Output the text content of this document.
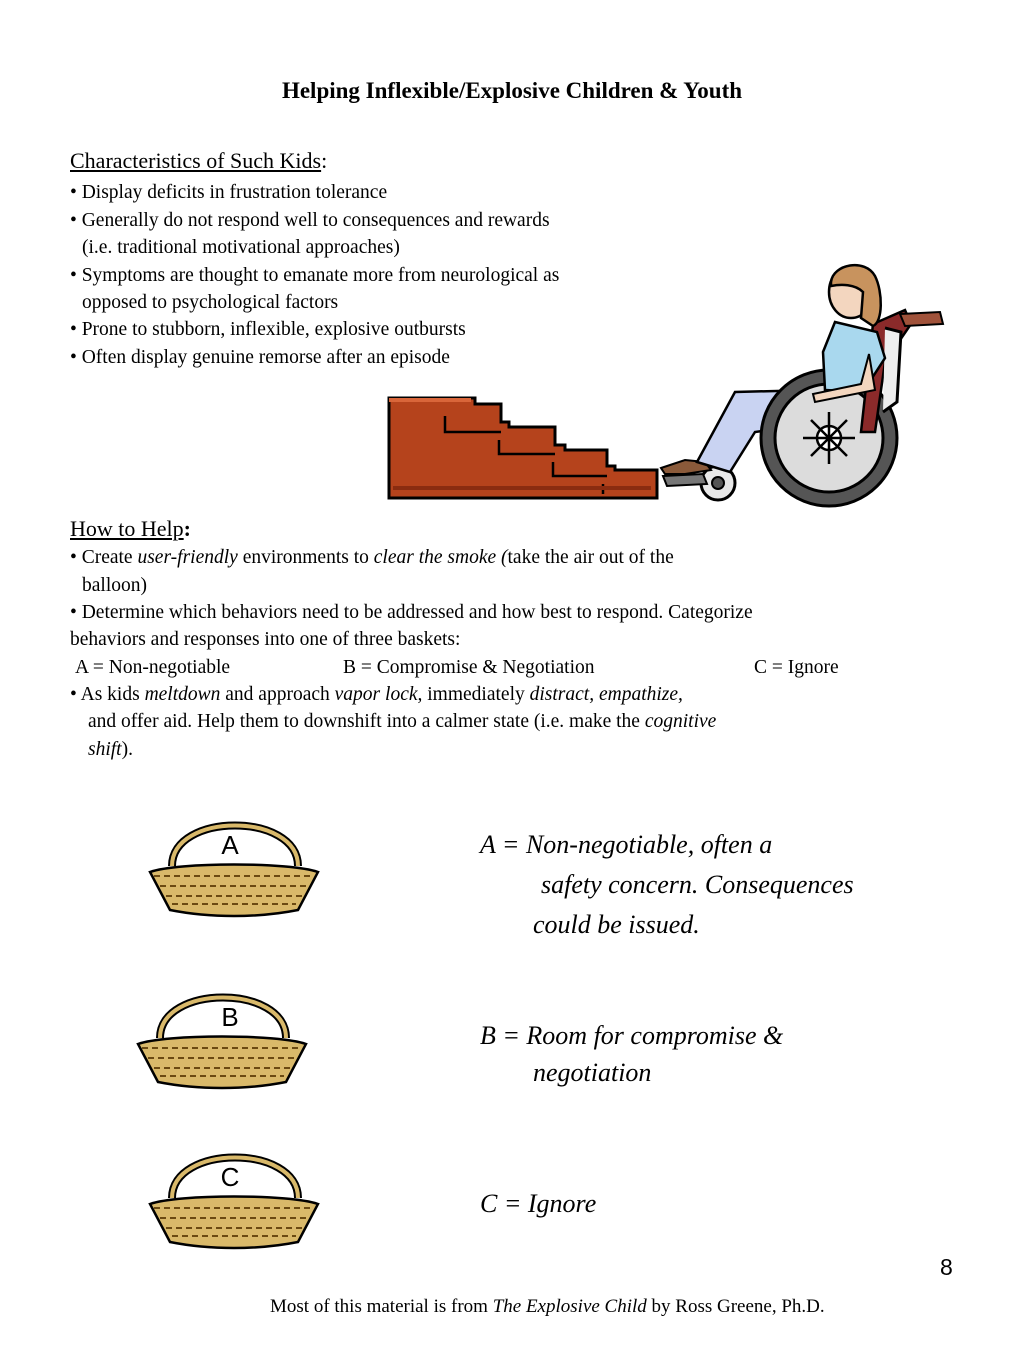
Helping Inflexible/Explosive Children & Youth
Characteristics of Such Kids:
• Display deficits in frustration tolerance
• Generally do not respond well to consequences and rewards
(i.e. traditional motivational approaches)
• Symptoms are thought to emanate more from neurological as
opposed to psychological factors
• Prone to stubborn, inflexible, explosive outbursts
• Often display genuine remorse after an episode
How to Help:
• Create user-friendly environments to clear the smoke (take the air out of the
balloon)
• Determine which behaviors need to be addressed and how best to respond. Categorize
behaviors and responses into one of three baskets:
A = Non-negotiable	B = Compromise & Negotiation	C = Ignore
• As kids meltdown and approach vapor lock, immediately distract, empathize,
and offer aid. Help them to downshift into a calmer state (i.e. make the cognitive
shift).
A
B
C
A = Non-negotiable, often a
safety concern. Consequences
could be issued.
B = Room for compromise &
negotiation
C = Ignore
8
Most of this material is from The Explosive Child by Ross Greene, Ph.D.
